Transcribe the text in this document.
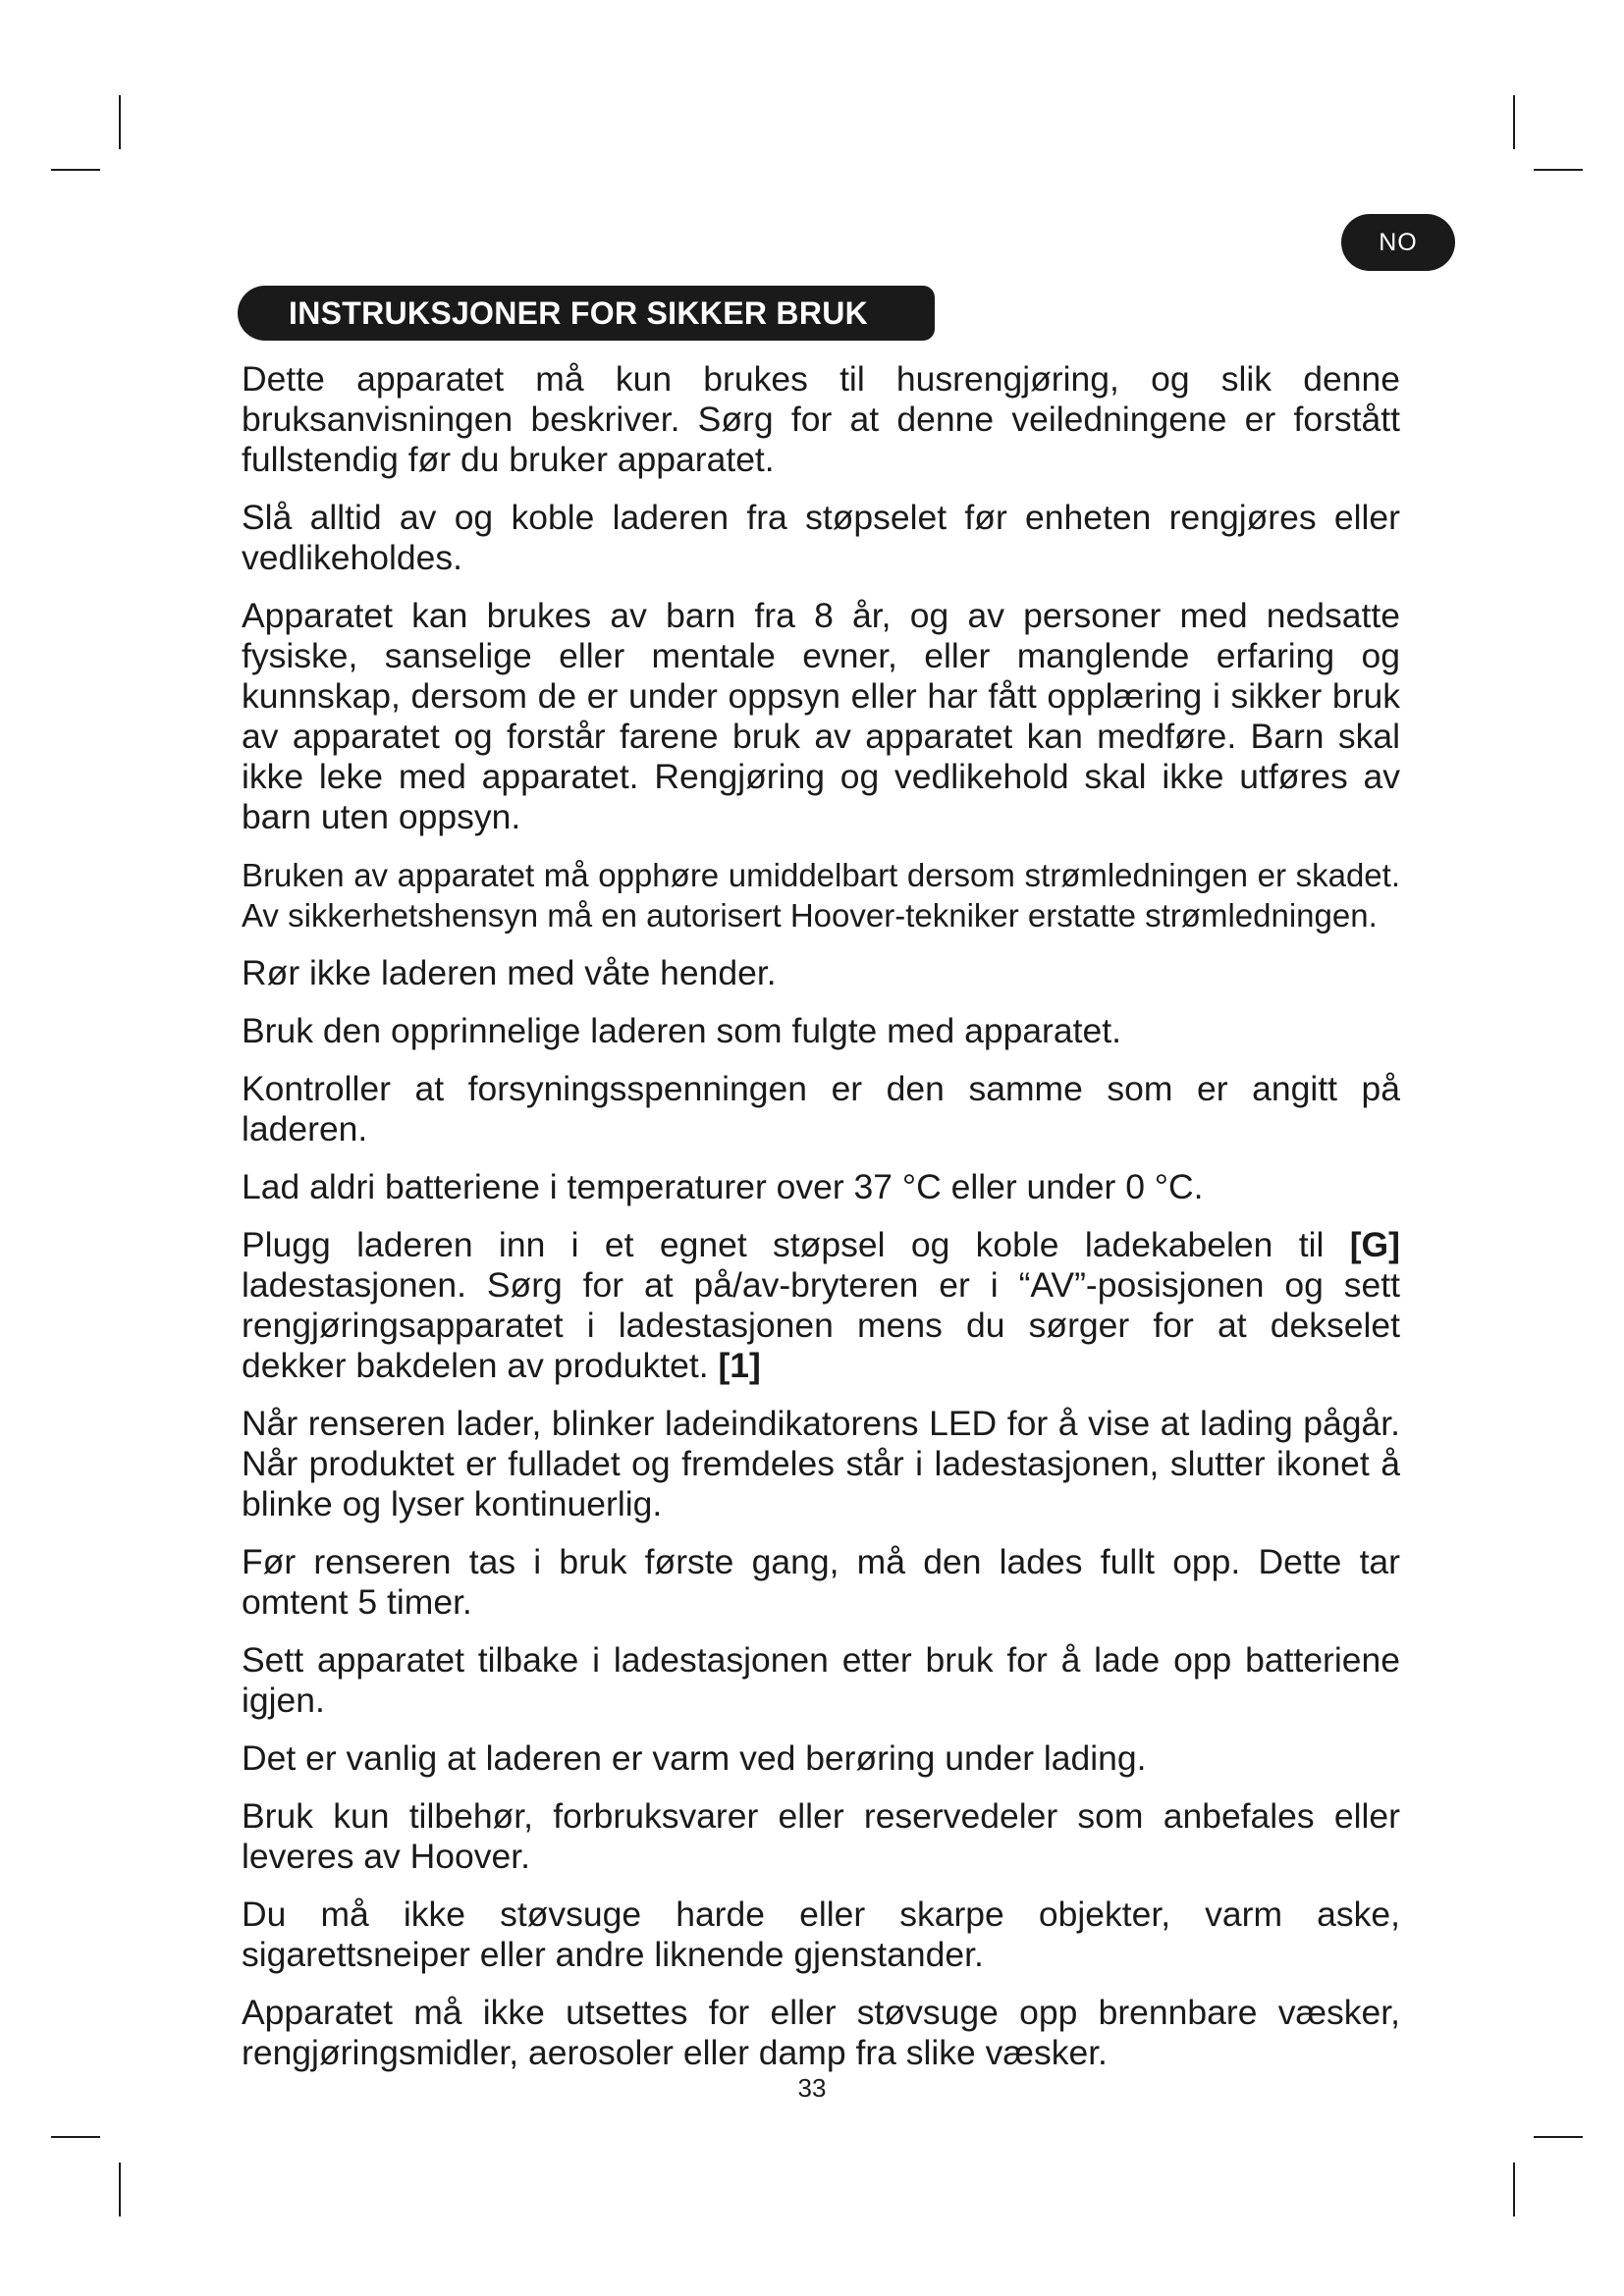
NO
INSTRUKSJONER FOR SIKKER BRUK

Dette apparatet må kun brukes til husrengjøring, og slik denne bruksanvisningen beskriver. Sørg for at denne veiledningene er forstått fullstendig før du bruker apparatet.

Slå alltid av og koble laderen fra støpselet før enheten rengjøres eller vedlikeholdes.

Apparatet kan brukes av barn fra 8 år, og av personer med nedsatte fysiske, sanselige eller mentale evner, eller manglende erfaring og kunnskap, dersom de er under oppsyn eller har fått opplæring i sikker bruk av apparatet og forstår farene bruk av apparatet kan medføre. Barn skal ikke leke med apparatet. Rengjøring og vedlikehold skal ikke utføres av barn uten oppsyn.

Bruken av apparatet må opphøre umiddelbart dersom strømledningen er skadet. Av sikkerhetshensyn må en autorisert Hoover-tekniker erstatte strømledningen.

Rør ikke laderen med våte hender.

Bruk den opprinnelige laderen som fulgte med apparatet.

Kontroller at forsyningsspenningen er den samme som er angitt på laderen.

Lad aldri batteriene i temperaturer over 37 °C eller under 0 °C.

Plugg laderen inn i et egnet støpsel og koble ladekabelen til [G] ladestasjonen. Sørg for at på/av-bryteren er i “AV”-posisjonen og sett rengjøringsapparatet i ladestasjonen mens du sørger for at dekselet dekker bakdelen av produktet. [1]

Når renseren lader, blinker ladeindikatorens LED for å vise at lading pågår. Når produktet er fulladet og fremdeles står i ladestasjonen, slutter ikonet å blinke og lyser kontinuerlig.

Før renseren tas i bruk første gang, må den lades fullt opp. Dette tar omtent 5 timer.

Sett apparatet tilbake i ladestasjonen etter bruk for å lade opp batteriene igjen.

Det er vanlig at laderen er varm ved berøring under lading.

Bruk kun tilbehør, forbruksvarer eller reservedeler som anbefales eller leveres av Hoover.

Du må ikke støvsuge harde eller skarpe objekter, varm aske, sigarettsneiper eller andre liknende gjenstander.

Apparatet må ikke utsettes for eller støvsuge opp brennbare væsker, rengjøringsmidler, aerosoler eller damp fra slike væsker.

33
